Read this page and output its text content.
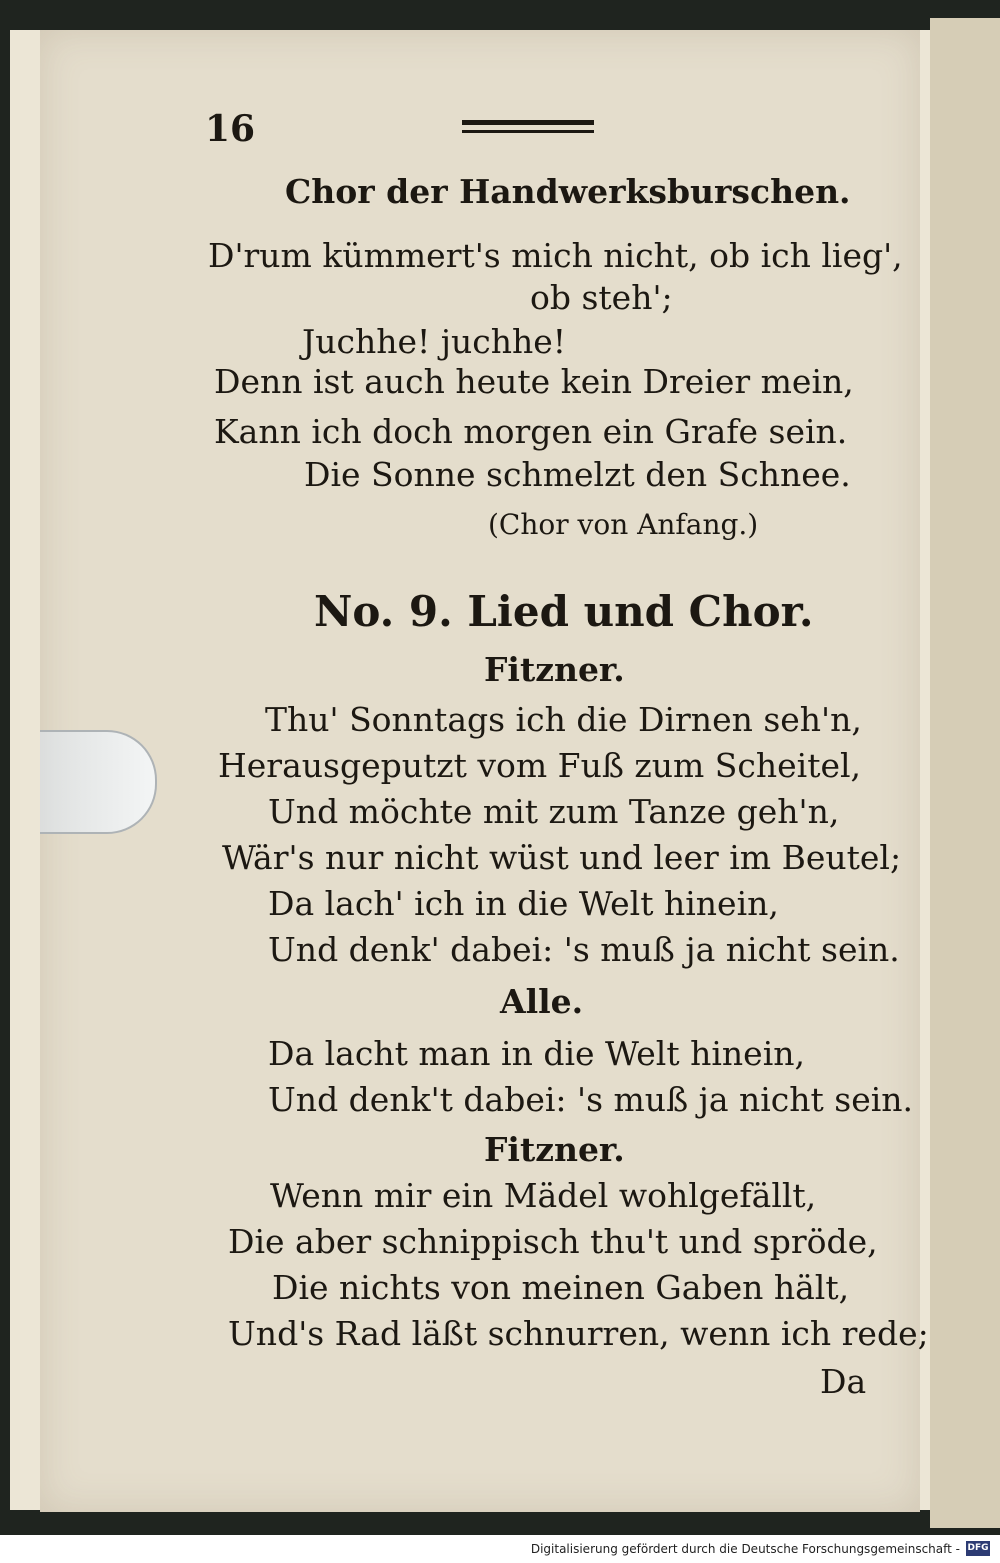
16
Chor der Handwerksburschen.
D'rum kümmert's mich nicht, ob ich lieg',
ob steh';
Juchhe! juchhe!
Denn ist auch heute kein Dreier mein,
Kann ich doch morgen ein Grafe sein.
Die Sonne schmelzt den Schnee.
(Chor von Anfang.)
No. 9. Lied und Chor.
Fitzner.
Thu' Sonntags ich die Dirnen seh'n,
Herausgeputzt vom Fuß zum Scheitel,
Und möchte mit zum Tanze geh'n,
Wär's nur nicht wüst und leer im Beutel;
Da lach' ich in die Welt hinein,
Und denk' dabei: 's muß ja nicht sein.
Alle.
Da lacht man in die Welt hinein,
Und denk't dabei: 's muß ja nicht sein.
Fitzner.
Wenn mir ein Mädel wohlgefällt,
Die aber schnippisch thu't und spröde,
Die nichts von meinen Gaben hält,
Und's Rad läßt schnurren, wenn ich rede;
Da
Digitalisierung gefördert durch die Deutsche Forschungsgemeinschaft - DFG
